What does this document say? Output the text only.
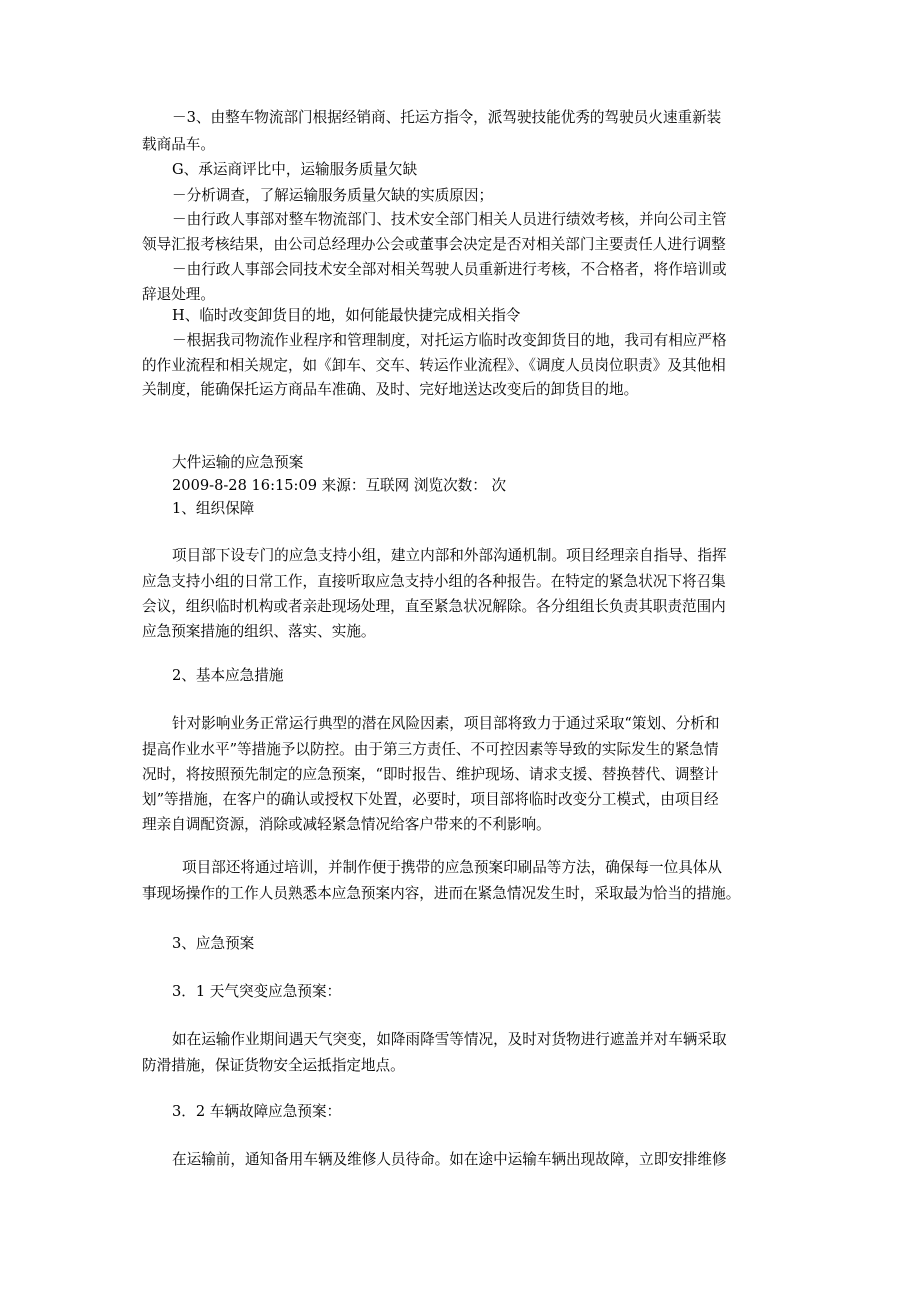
－3、由整车物流部门根据经销商、托运方指令，派驾驶技能优秀的驾驶员火速重新装
载商品车。
G、承运商评比中，运输服务质量欠缺
－分析调查，了解运输服务质量欠缺的实质原因；
－由行政人事部对整车物流部门、技术安全部门相关人员进行绩效考核，并向公司主管
领导汇报考核结果，由公司总经理办公会或董事会决定是否对相关部门主要责任人进行调整
－由行政人事部会同技术安全部对相关驾驶人员重新进行考核，不合格者，将作培训或
辞退处理。
H、临时改变卸货目的地，如何能最快捷完成相关指令
－根据我司物流作业程序和管理制度，对托运方临时改变卸货目的地，我司有相应严格
的作业流程和相关规定，如《卸车、交车、转运作业流程》、《调度人员岗位职责》及其他相
关制度，能确保托运方商品车准确、及时、完好地送达改变后的卸货目的地。
大件运输的应急预案
2009-8-28 16:15:09 来源：互联网 浏览次数： 次
1、组织保障
项目部下设专门的应急支持小组，建立内部和外部沟通机制。项目经理亲自指导、指挥
应急支持小组的日常工作，直接听取应急支持小组的各种报告。在特定的紧急状况下将召集
会议，组织临时机构或者亲赴现场处理，直至紧急状况解除。各分组组长负责其职责范围内
应急预案措施的组织、落实、实施。
2、基本应急措施
针对影响业务正常运行典型的潜在风险因素，项目部将致力于通过采取“策划、分析和
提高作业水平”等措施予以防控。由于第三方责任、不可控因素等导致的实际发生的紧急情
况时，将按照预先制定的应急预案，“即时报告、维护现场、请求支援、替换替代、调整计
划”等措施，在客户的确认或授权下处置，必要时，项目部将临时改变分工模式，由项目经
理亲自调配资源，消除或减轻紧急情况给客户带来的不利影响。
项目部还将通过培训，并制作便于携带的应急预案印刷品等方法，确保每一位具体从
事现场操作的工作人员熟悉本应急预案内容，进而在紧急情况发生时，采取最为恰当的措施。
3、应急预案
3．1 天气突变应急预案：
如在运输作业期间遇天气突变，如降雨降雪等情况，及时对货物进行遮盖并对车辆采取
防滑措施，保证货物安全运抵指定地点。
3．2 车辆故障应急预案：
在运输前，通知备用车辆及维修人员待命。如在途中运输车辆出现故障，立即安排维修
